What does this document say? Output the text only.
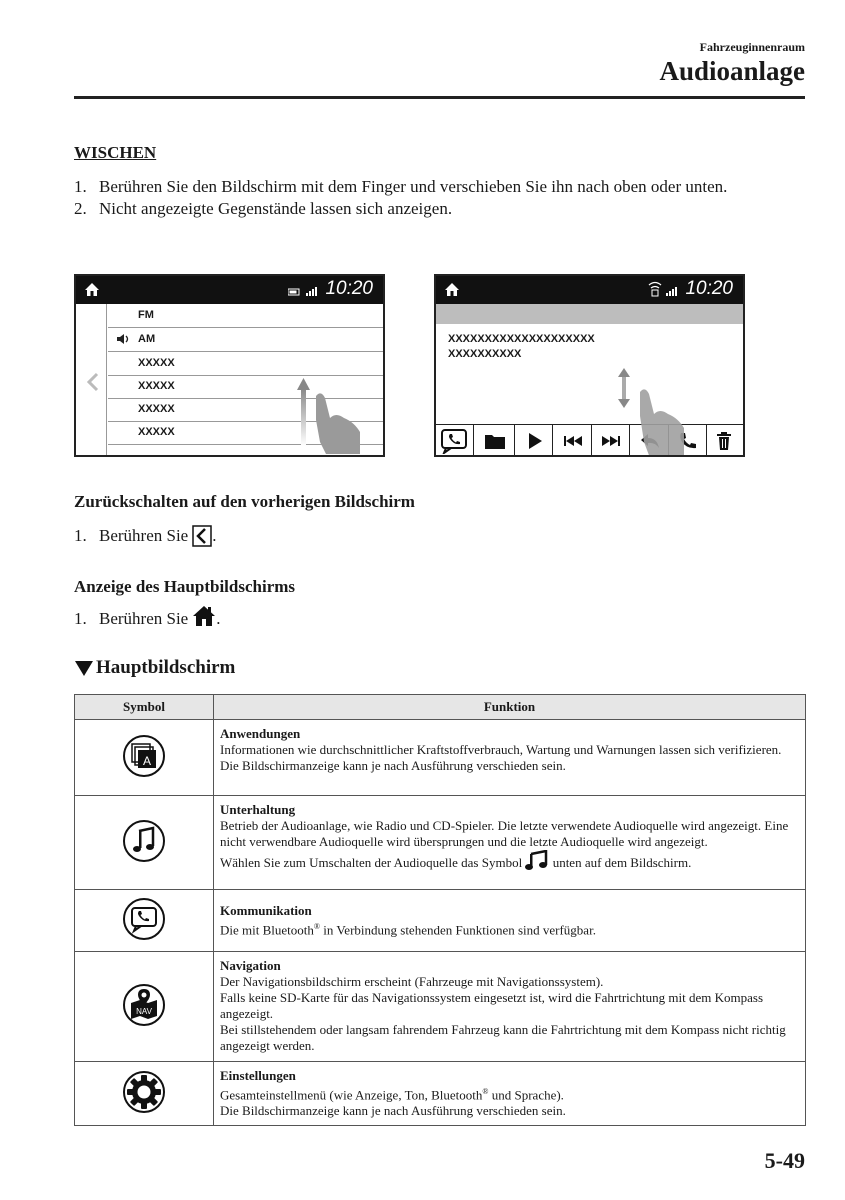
Fahrzeuginnenraum
Audioanlage
WISCHEN
1. Berühren Sie den Bildschirm mit dem Finger und verschieben Sie ihn nach oben oder unten.
2. Nicht angezeigte Gegenstände lassen sich anzeigen.
10:20
FM
AM
XXXXX
XXXXX
XXXXX
XXXXX
10:20
XXXXXXXXXXXXXXXXXXXX
XXXXXXXXXX
Zurückschalten auf den vorherigen Bildschirm
1. Berühren Sie .
Anzeige des Hauptbildschirms
1. Berühren Sie .
Hauptbildschirm
Symbol	Funktion

A	Anwendungen
Informationen wie durchschnittlicher Kraftstoffverbrauch, Wartung und Warnungen lassen sich verifizieren.
Die Bildschirmanzeige kann je nach Ausführung verschieden sein.

Unterhaltung
Betrieb der Audioanlage, wie Radio und CD-Spieler. Die letzte verwendete Audioquelle wird angezeigt. Eine nicht verwendbare Audioquelle wird übersprungen und die letzte Audioquelle wird angezeigt.
Wählen Sie zum Umschalten der Audioquelle das Symbol unten auf dem Bildschirm.

Kommunikation
Die mit Bluetooth® in Verbindung stehenden Funktionen sind verfügbar.

NAV	Navigation
Der Navigationsbildschirm erscheint (Fahrzeuge mit Navigationssystem).
Falls keine SD-Karte für das Navigationssystem eingesetzt ist, wird die Fahrtrichtung mit dem Kompass angezeigt.
Bei stillstehendem oder langsam fahrendem Fahrzeug kann die Fahrtrichtung mit dem Kompass nicht richtig angezeigt werden.

Einstellungen
Gesamteinstellmenü (wie Anzeige, Ton, Bluetooth® und Sprache).
Die Bildschirmanzeige kann je nach Ausführung verschieden sein.
5-49
